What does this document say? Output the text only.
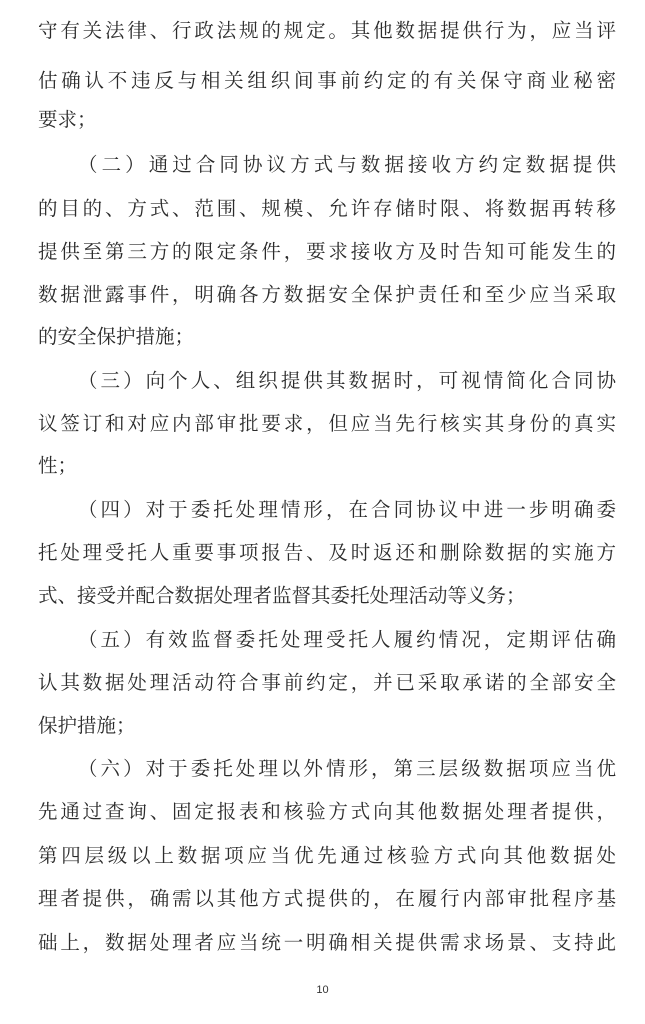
守有关法律、行政法规的规定。其他数据提供行为，应当评
估确认不违反与相关组织间事前约定的有关保守商业秘密
要求；
（二）通过合同协议方式与数据接收方约定数据提供
的目的、方式、范围、规模、允许存储时限、将数据再转移
提供至第三方的限定条件，要求接收方及时告知可能发生的
数据泄露事件，明确各方数据安全保护责任和至少应当采取
的安全保护措施；
（三）向个人、组织提供其数据时，可视情简化合同协
议签订和对应内部审批要求，但应当先行核实其身份的真实
性；
（四）对于委托处理情形，在合同协议中进一步明确委
托处理受托人重要事项报告、及时返还和删除数据的实施方
式、接受并配合数据处理者监督其委托处理活动等义务；
（五）有效监督委托处理受托人履约情况，定期评估确
认其数据处理活动符合事前约定，并已采取承诺的全部安全
保护措施；
（六）对于委托处理以外情形，第三层级数据项应当优
先通过查询、固定报表和核验方式向其他数据处理者提供，
第四层级以上数据项应当优先通过核验方式向其他数据处
理者提供，确需以其他方式提供的，在履行内部审批程序基
础上，数据处理者应当统一明确相关提供需求场景、支持此
10
